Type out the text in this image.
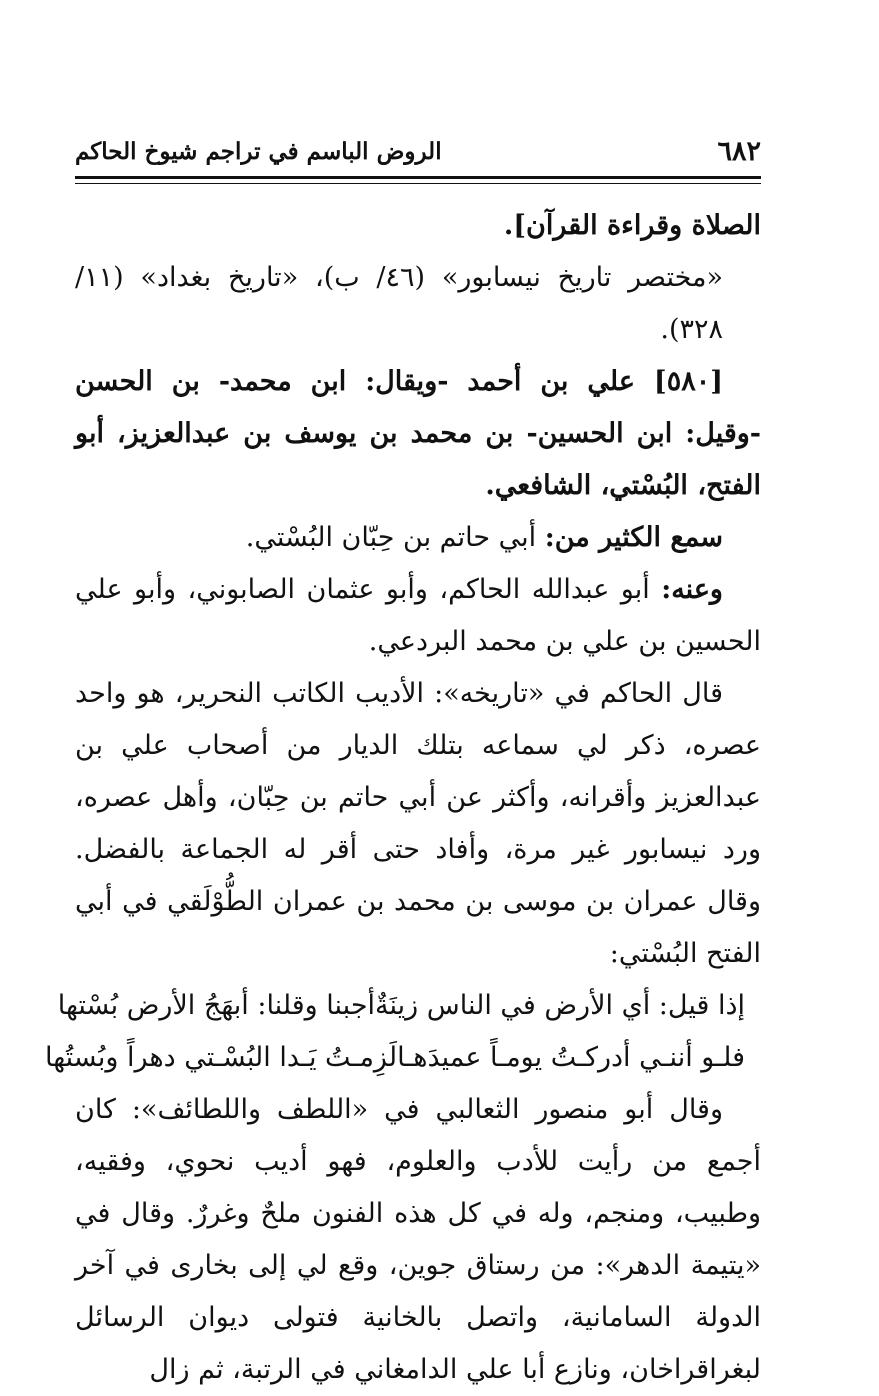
٦٨٢
الروض الباسم في تراجم شيوخ الحاكم

الصلاة وقراءة القرآن].

«مختصر تاريخ نيسابور» (٤٦/ ب)، «تاريخ بغداد» (١١/ ٣٢٨).

[٥٨٠] علي بن أحمد -ويقال: ابن محمد- بن الحسن -وقيل: ابن الحسين- بن محمد بن يوسف بن عبدالعزيز، أبو الفتح، البُسْتي، الشافعي.

سمع الكثير من: أبي حاتم بن حِبّان البُسْتي.

وعنه: أبو عبدالله الحاكم، وأبو عثمان الصابوني، وأبو علي الحسين بن علي بن محمد البردعي.

قال الحاكم في «تاريخه»: الأديب الكاتب النحرير، هو واحد عصره، ذكر لي سماعه بتلك الديار من أصحاب علي بن عبدالعزيز وأقرانه، وأكثر عن أبي حاتم بن حِبّان، وأهل عصره، ورد نيسابور غير مرة، وأفاد حتى أقر له الجماعة بالفضل. وقال عمران بن موسى بن محمد بن عمران الطُّوْلَقي في أبي الفتح البُسْتي:

إذا قيل: أي الأرض في الناس زينَةٌ
أجبنا وقلنا: أبهَجُ الأرض بُسْتها
فلـو أننـي أدركـتُ يومـاً عميدَهـا
لَزِمـتُ يَـدا البُسْـتي دهراً وبُستُها

وقال أبو منصور الثعالبي في «اللطف واللطائف»: كان أجمع من رأيت للأدب والعلوم، فهو أديب نحوي، وفقيه، وطبيب، ومنجم، وله في كل هذه الفنون ملحٌ وغررٌ. وقال في «يتيمة الدهر»: من رستاق جوين، وقع لي إلى بخارى في آخر الدولة السامانية، واتصل بالخانية فتولى ديوان الرسائل لبغراقراخان، ونازع أبا علي الدامغاني في الرتبة، ثم زال
